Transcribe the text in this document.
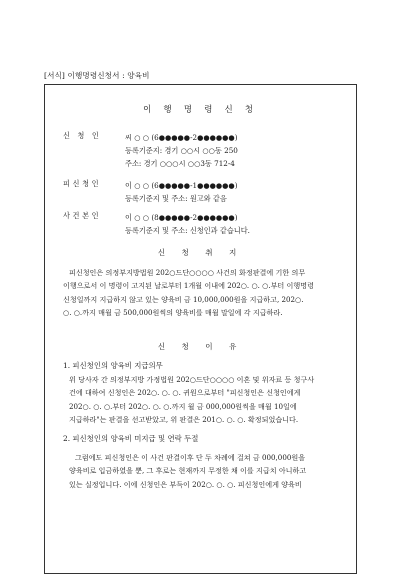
[서식] 이행명령신청서 : 양육비
이 행 명 령 신 청
신 청 인	씨 ○ ○ (6●●●●●-2●●●●●●)
등록기준지: 경기 ○○시 ○○동 250
주소: 경기 ○○○시 ○○3동 712-4
피신청인	이 ○ ○ (6●●●●●-1●●●●●●)
등록기준지 및 주소: 원고와 같음
사건본인	이 ○ ○ (8●●●●●-2●●●●●●)
등록기준지 및 주소: 신청인과 같습니다.
신 청 취 지
피신청인은 의정부지방법원 202○드단○○○○ 사건의 화정판결에 기한 의무
이행으로서 이 명령이 고지된 날로부터 1개월 이내에 202○. ○. ○.부터 이행명령
신청일까지 지급하지 않고 있는 양육비 금 10,000,000원을 지급하고, 202○.
○. ○.까지 매월 금 500,000원씩의 양육비를 매월 말일에 각 지급하라.
신 청 이 유
1. 피신청인의 양육비 지급의무
위 당사자 간 의정부지방 가정법원 202○드단○○○○ 이혼 및 위자료 등 청구사
건에 대하여 신청인은 202○. ○. ○. 귀원으로부터 "피신청인은 신청인에게
202○. ○. ○.부터 202○. ○. ○.까지 월 금 000,000원씩을 매월 10일에
지급하라"는 판결을 선고받았고, 위 판결은 201○. ○. ○. 확정되었습니다.
2. 피신청인의 양육비 미지급 및 연락 두절
그럼에도 피신청인은 이 사건 판결이후 단 두 차례에 걸쳐 금 000,000원을
양육비로 입금하였을 뿐, 그 후로는 현재까지 무정한 채 이를 지급치 아니하고
있는 실정입니다. 이에 신청인은 부득이 202○. ○. ○. 피신청인에게 양육비
